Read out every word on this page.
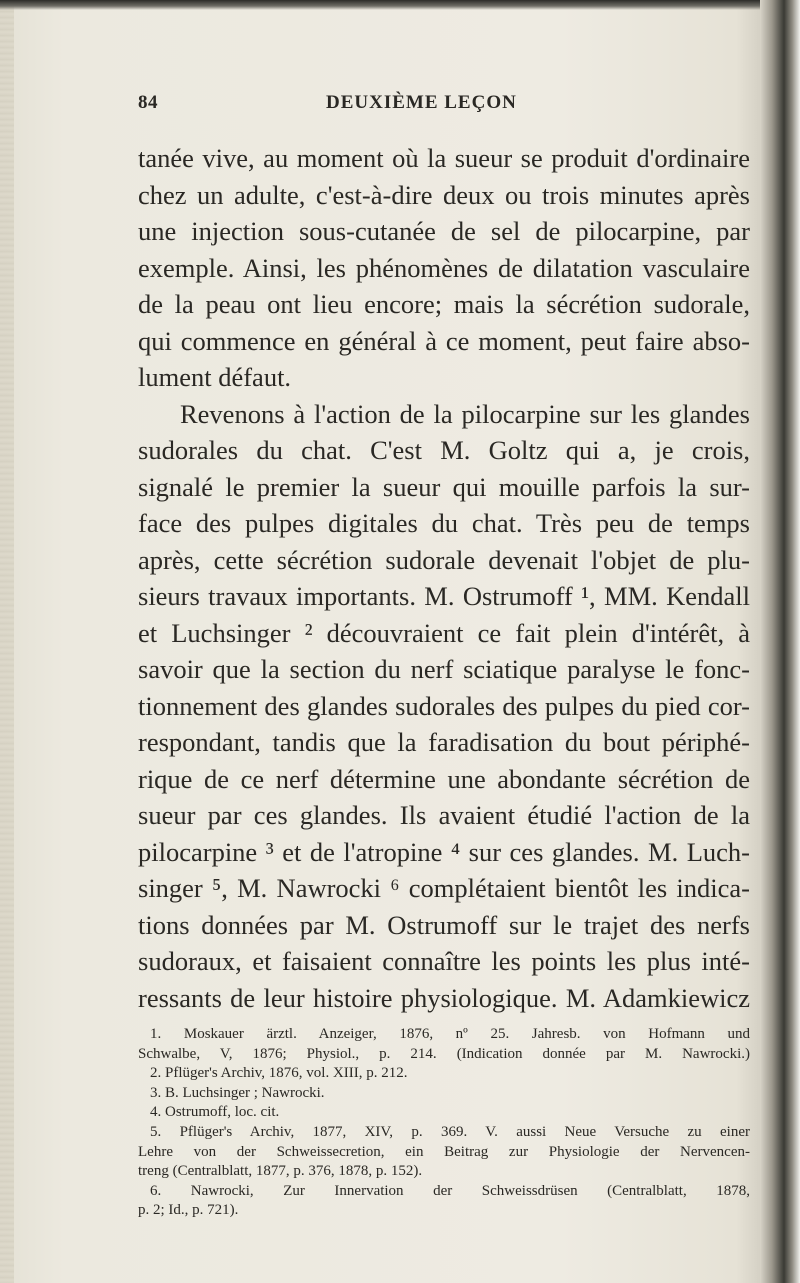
84	DEUXIÈME LEÇON
tanée vive, au moment où la sueur se produit d'ordinaire
chez un adulte, c'est-à-dire deux ou trois minutes après
une injection sous-cutanée de sel de pilocarpine, par
exemple. Ainsi, les phénomènes de dilatation vasculaire
de la peau ont lieu encore; mais la sécrétion sudorale,
qui commence en général à ce moment, peut faire abso-
lument défaut.
Revenons à l'action de la pilocarpine sur les glandes
sudorales du chat. C'est M. Goltz qui a, je crois,
signalé le premier la sueur qui mouille parfois la sur-
face des pulpes digitales du chat. Très peu de temps
après, cette sécrétion sudorale devenait l'objet de plu-
sieurs travaux importants. M. Ostrumoff ¹, MM. Kendall
et Luchsinger ² découvraient ce fait plein d'intérêt, à
savoir que la section du nerf sciatique paralyse le fonc-
tionnement des glandes sudorales des pulpes du pied cor-
respondant, tandis que la faradisation du bout périphé-
rique de ce nerf détermine une abondante sécrétion de
sueur par ces glandes. Ils avaient étudié l'action de la
pilocarpine ³ et de l'atropine ⁴ sur ces glandes. M. Luch-
singer ⁵, M. Nawrocki ⁶ complétaient bientôt les indica-
tions données par M. Ostrumoff sur le trajet des nerfs
sudoraux, et faisaient connaître les points les plus inté-
ressants de leur histoire physiologique. M. Adamkiewicz
1. Moskauer ärztl. Anzeiger, 1876, nº 25. Jahresb. von Hofmann und
Schwalbe, V, 1876; Physiol., p. 214. (Indication donnée par M. Nawrocki.)
2. Pflüger's Archiv, 1876, vol. XIII, p. 212.
3. B. Luchsinger ; Nawrocki.
4. Ostrumoff, loc. cit.
5. Pflüger's Archiv, 1877, XIV, p. 369. V. aussi Neue Versuche zu einer
Lehre von der Schweissecretion, ein Beitrag zur Physiologie der Nervencen-
treng (Centralblatt, 1877, p. 376, 1878, p. 152).
6. Nawrocki, Zur Innervation der Schweissdrüsen (Centralblatt, 1878,
p. 2; Id., p. 721).
